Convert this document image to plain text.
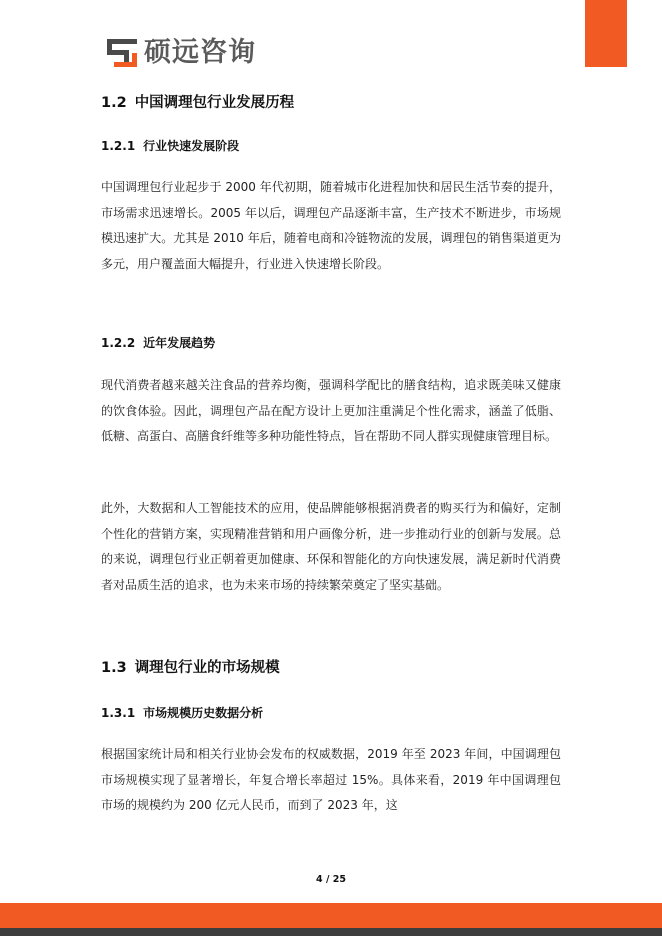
硕远咨询
1.2 中国调理包行业发展历程
1.2.1 行业快速发展阶段

中国调理包行业起步于 2000 年代初期，随着城市化进程加快和居民生活节奏的提升，市场需求迅速增长。2005 年以后，调理包产品逐渐丰富，生产技术不断进步，市场规模迅速扩大。尤其是 2010 年后，随着电商和冷链物流的发展，调理包的销售渠道更为多元，用户覆盖面大幅提升，行业进入快速增长阶段。

1.2.2 近年发展趋势

现代消费者越来越关注食品的营养均衡，强调科学配比的膳食结构，追求既美味又健康的饮食体验。因此，调理包产品在配方设计上更加注重满足个性化需求，涵盖了低脂、低糖、高蛋白、高膳食纤维等多种功能性特点，旨在帮助不同人群实现健康管理目标。

此外，大数据和人工智能技术的应用，使品牌能够根据消费者的购买行为和偏好，定制个性化的营销方案，实现精准营销和用户画像分析，进一步推动行业的创新与发展。总的来说，调理包行业正朝着更加健康、环保和智能化的方向快速发展，满足新时代消费者对品质生活的追求，也为未来市场的持续繁荣奠定了坚实基础。

1.3 调理包行业的市场规模
1.3.1 市场规模历史数据分析

根据国家统计局和相关行业协会发布的权威数据，2019 年至 2023 年间，中国调理包市场规模实现了显著增长，年复合增长率超过 15%。具体来看，2019 年中国调理包市场的规模约为 200 亿元人民币，而到了 2023 年，这

4 / 25
